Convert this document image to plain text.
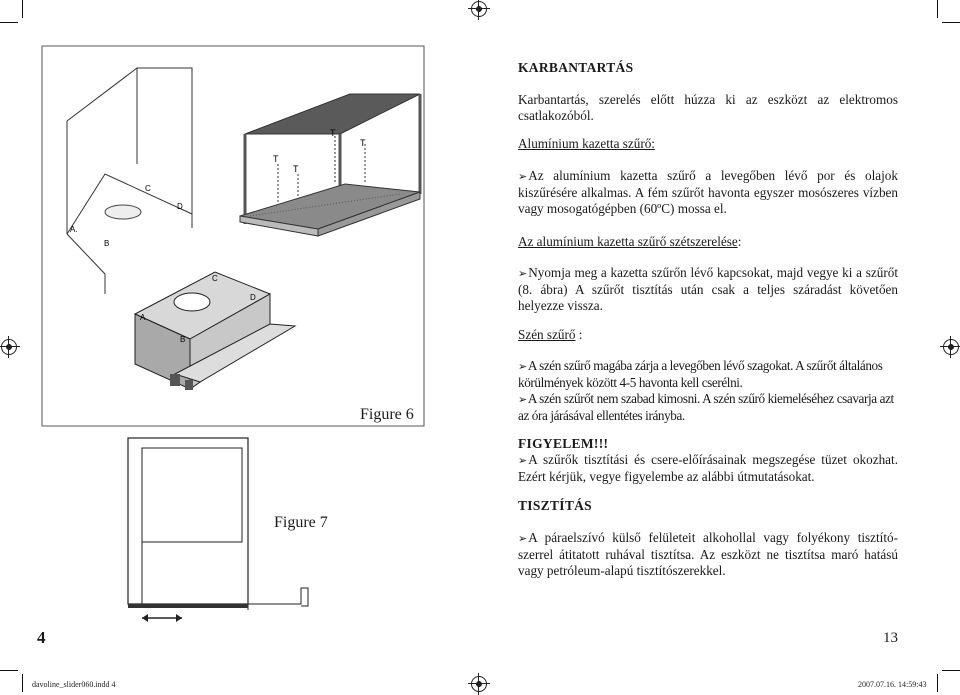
C
D
A.
B
T
T
T
T
C
D
A
B
Figure 6
Figure 7
KARBANTARTÁS

Karbantartás, szerelés előtt húzza ki az eszközt az elektromos csatlakozóból.

Alumínium kazetta szűrő:

➢ Az alumínium kazetta szűrő a levegőben lévő por és olajok kiszűrésére alkalmas. A fém szűrőt havonta egyszer mosószeres vízben vagy mosogatógépben (60ºC) mossa el.

Az alumínium kazetta szűrő szétszerelése:

➢ Nyomja meg a kazetta szűrőn lévő kapcsokat, majd vegye ki a szűrőt (8. ábra) A szűrőt tisztítás után csak a teljes száradást követően helyezze vissza.

Szén szűrő :

➢ A szén szűrő magába zárja a levegőben lévő szagokat. A szűrőt általános körülmények között 4-5 havonta kell cserélni.

➢ A szén szűrőt nem szabad kimosni. A szén szűrő kiemeléséhez csavarja azt az óra járásával ellentétes irányba.

FIGYELEM!!!

➢ A szűrők tisztítási és csere-előírásainak megszegése tüzet okozhat. Ezért kérjük, vegye figyelembe az alábbi útmutatásokat.

TISZTÍTÁS

➢ A páraelszívó külső felületeit alkohollal vagy folyékony tisztító-szerrel átitatott ruhával tisztítsa. Az eszközt ne tisztítsa maró hatású vagy petróleum-alapú tisztítószerekkel.

4	13
davoline_slider060.indd 4	2007.07.16. 14:59:43
